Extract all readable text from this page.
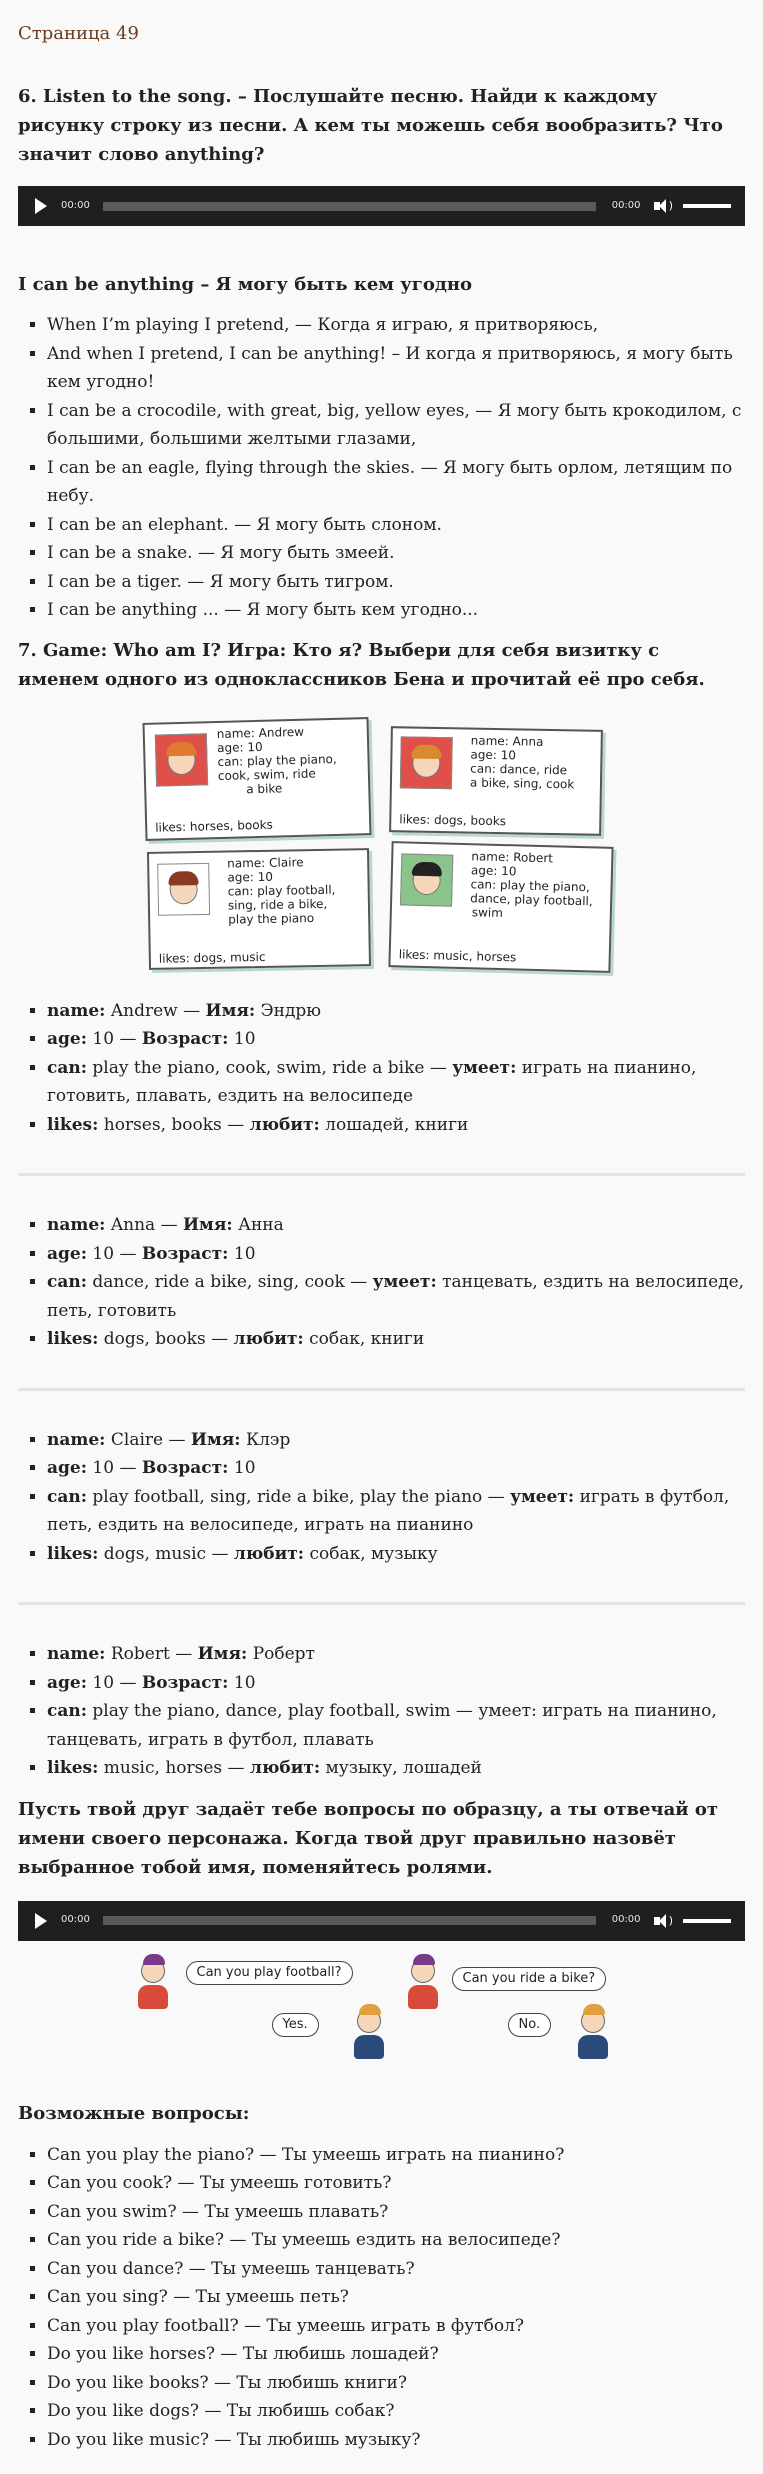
Страница 49
6. Listen to the song. – Послушайте песню. Найди к каждому рисунку строку из песни. А кем ты можешь себя вообразить? Что значит слово anything?
00:00	00:00	)
I can be anything – Я могу быть кем угодно
▪ When I’m playing I pretend, — Когда я играю, я притворяюсь,
▪ And when I pretend, I can be anything! – И когда я притворяюсь, я могу быть кем угодно!
▪ I can be a crocodile, with great, big, yellow eyes, — Я могу быть крокодилом, с большими, большими желтыми глазами,
▪ I can be an eagle, flying through the skies. — Я могу быть орлом, летящим по небу.
▪ I can be an elephant. — Я могу быть слоном.
▪ I can be a snake. — Я могу быть змеей.
▪ I can be a tiger. — Я могу быть тигром.
▪ I can be anything ... — Я могу быть кем угодно...
7. Game: Who am I? Игра: Кто я? Выбери для себя визитку с именем одного из одноклассников Бена и прочитай её про себя.
name: Andrew
age: 10
can: play the piano,
cook, swim, ride
a bike
likes: horses, books
name: Anna
age: 10
can: dance, ride
a bike, sing, cook
likes: dogs, books
name: Claire
age: 10
can: play football,
sing, ride a bike,
play the piano
likes: dogs, music
name: Robert
age: 10
can: play the piano,
dance, play football,
swim
likes: music, horses
▪ name: Andrew — Имя: Эндрю
▪ age: 10 — Возраст: 10
▪ can: play the piano, cook, swim, ride a bike — умеет: играть на пианино, готовить, плавать, ездить на велосипеде
▪ likes: horses, books — любит: лошадей, книги
▪ name: Anna — Имя: Анна
▪ age: 10 — Возраст: 10
▪ can: dance, ride a bike, sing, cook — умеет: танцевать, ездить на велосипеде, петь, готовить
▪ likes: dogs, books — любит: собак, книги
▪ name: Claire — Имя: Клэр
▪ age: 10 — Возраст: 10
▪ can: play football, sing, ride a bike, play the piano — умеет: играть в футбол, петь, ездить на велосипеде, играть на пианино
▪ likes: dogs, music — любит: собак, музыку
▪ name: Robert — Имя: Роберт
▪ age: 10 — Возраст: 10
▪ can: play the piano, dance, play football, swim — умеет: играть на пианино, танцевать, играть в футбол, плавать
▪ likes: music, horses — любит: музыку, лошадей
Пусть твой друг задаёт тебе вопросы по образцу, а ты отвечай от имени своего персонажа. Когда твой друг правильно назовёт выбранное тобой имя, поменяйтесь ролями.
00:00	00:00	)
Can you play football?
Yes.
Can you ride a bike?
No.
Возможные вопросы:
▪ Can you play the piano? — Ты умеешь играть на пианино?
▪ Can you cook? — Ты умеешь готовить?
▪ Can you swim? — Ты умеешь плавать?
▪ Can you ride a bike? — Ты умеешь ездить на велосипеде?
▪ Can you dance? — Ты умеешь танцевать?
▪ Can you sing? — Ты умеешь петь?
▪ Can you play football? — Ты умеешь играть в футбол?
▪ Do you like horses? — Ты любишь лошадей?
▪ Do you like books? — Ты любишь книги?
▪ Do you like dogs? — Ты любишь собак?
▪ Do you like music? — Ты любишь музыку?
